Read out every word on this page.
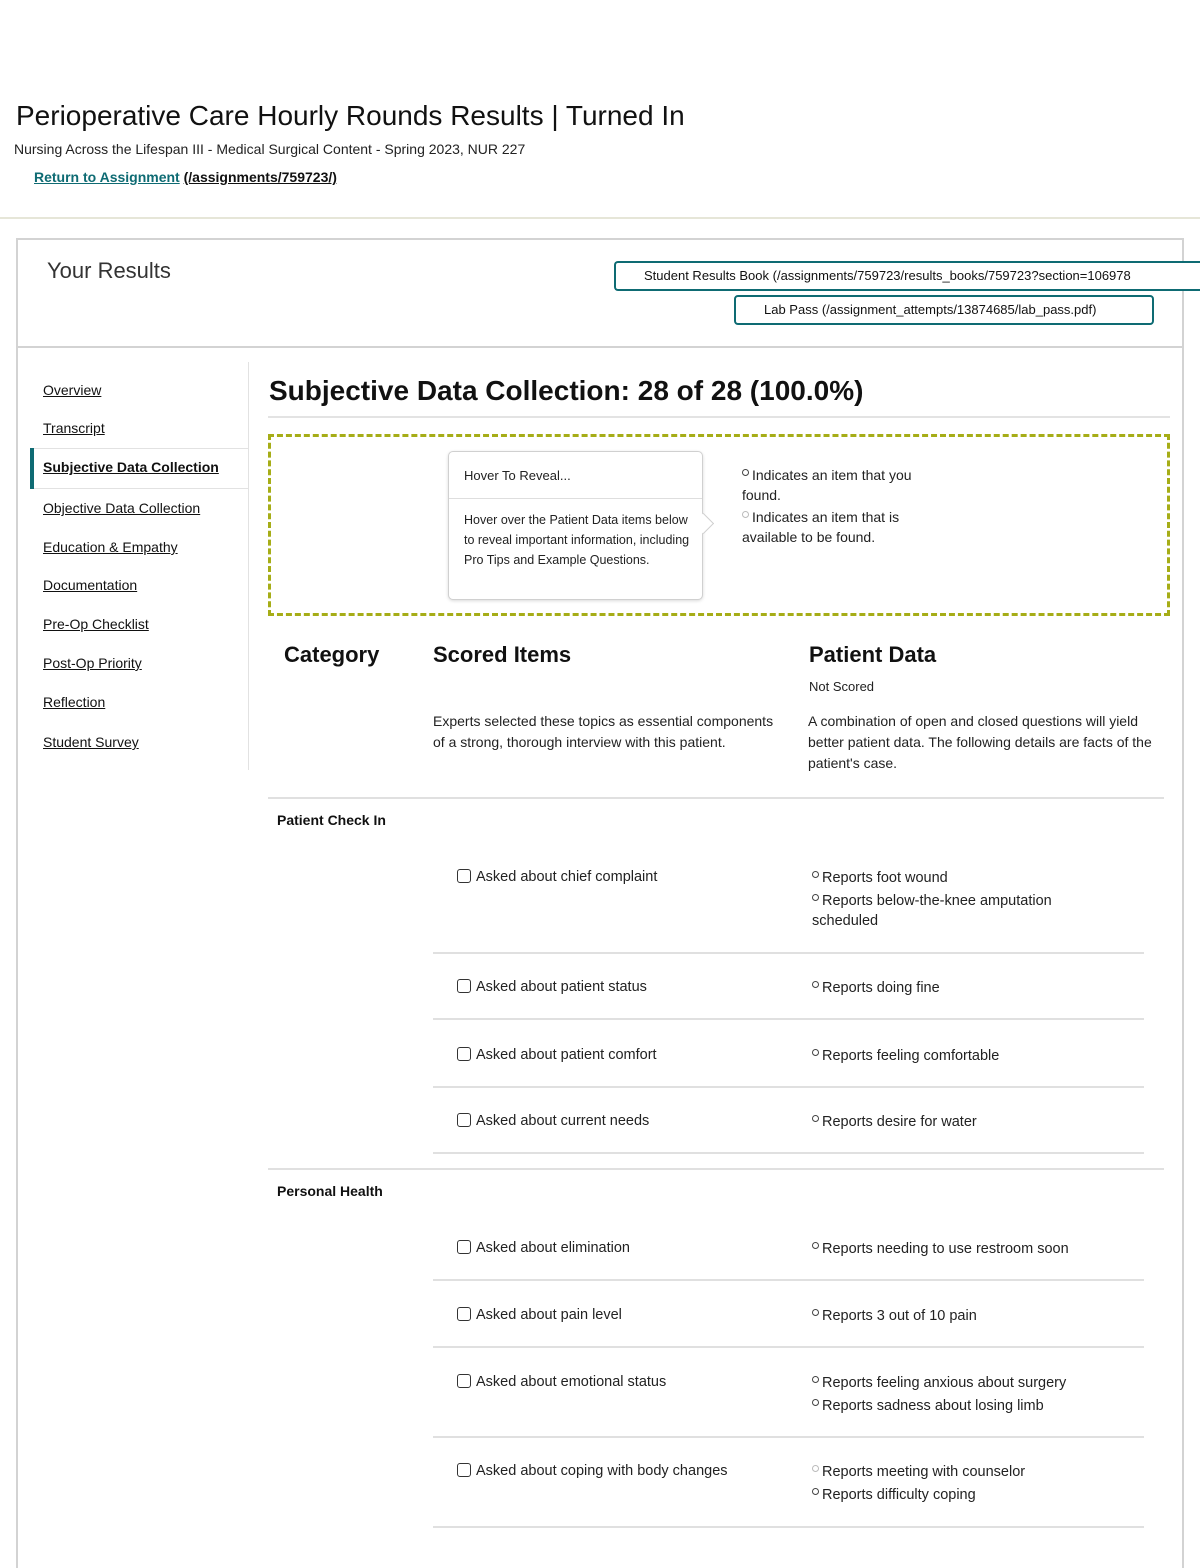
Perioperative Care Hourly Rounds Results | Turned In
Nursing Across the Lifespan III - Medical Surgical Content - Spring 2023, NUR 227
Return to Assignment (/assignments/759723/)
Your Results	Student Results Book (/assignments/759723/results_books/759723?section=106978
Lab Pass (/assignment_attempts/13874685/lab_pass.pdf)
Overview
Transcript
Subjective Data Collection
Objective Data Collection
Education & Empathy
Documentation
Pre-Op Checklist
Post-Op Priority
Reflection
Student Survey
Subjective Data Collection: 28 of 28 (100.0%)
Hover To Reveal...
Hover over the Patient Data items below to reveal important information, including Pro Tips and Example Questions.
Indicates an item that you found.
Indicates an item that is available to be found.
Category Scored Items	Patient Data
Not Scored
Experts selected these topics as essential components of a strong, thorough interview with this patient.
A combination of open and closed questions will yield better patient data. The following details are facts of the patient's case.
Patient Check In
Asked about chief complaint	Reports foot wound
Reports below-the-knee amputation scheduled
Asked about patient status	Reports doing fine
Asked about patient comfort	Reports feeling comfortable
Asked about current needs	Reports desire for water
Personal Health
Asked about elimination	Reports needing to use restroom soon
Asked about pain level	Reports 3 out of 10 pain
Asked about emotional status	Reports feeling anxious about surgery
Reports sadness about losing limb
Asked about coping with body changes	Reports meeting with counselor
Reports difficulty coping
